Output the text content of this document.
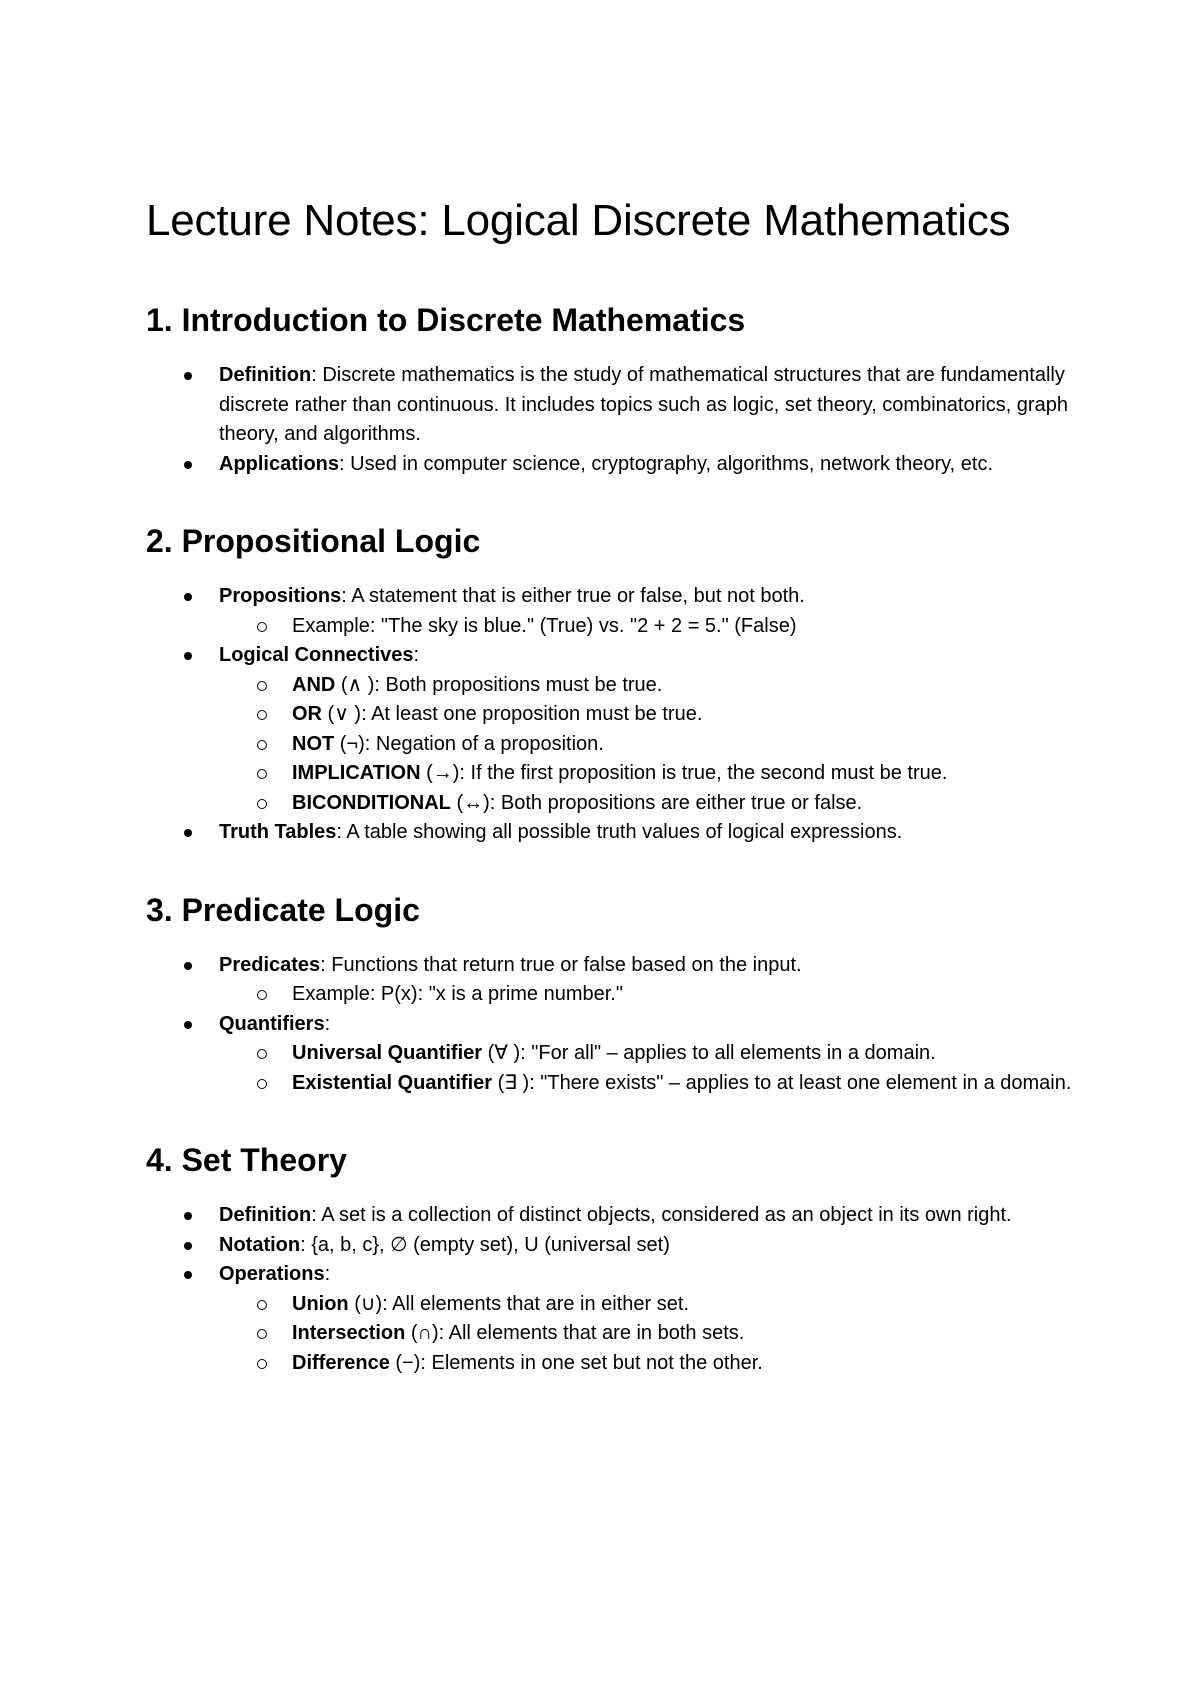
Lecture Notes: Logical Discrete Mathematics
1. Introduction to Discrete Mathematics
Definition: Discrete mathematics is the study of mathematical structures that are fundamentally discrete rather than continuous. It includes topics such as logic, set theory, combinatorics, graph theory, and algorithms.
Applications: Used in computer science, cryptography, algorithms, network theory, etc.
2. Propositional Logic
Propositions: A statement that is either true or false, but not both.
Example: "The sky is blue." (True) vs. "2 + 2 = 5." (False)
Logical Connectives:
AND (∧ ): Both propositions must be true.
OR (∨ ): At least one proposition must be true.
NOT (¬): Negation of a proposition.
IMPLICATION (→): If the first proposition is true, the second must be true.
BICONDITIONAL (↔): Both propositions are either true or false.
Truth Tables: A table showing all possible truth values of logical expressions.
3. Predicate Logic
Predicates: Functions that return true or false based on the input.
Example: P(x): "x is a prime number."
Quantifiers:
Universal Quantifier (∀ ): "For all" – applies to all elements in a domain.
Existential Quantifier (∃ ): "There exists" – applies to at least one element in a domain.
4. Set Theory
Definition: A set is a collection of distinct objects, considered as an object in its own right.
Notation: {a, b, c}, ∅ (empty set), U (universal set)
Operations:
Union (∪): All elements that are in either set.
Intersection (∩): All elements that are in both sets.
Difference (−): Elements in one set but not the other.
